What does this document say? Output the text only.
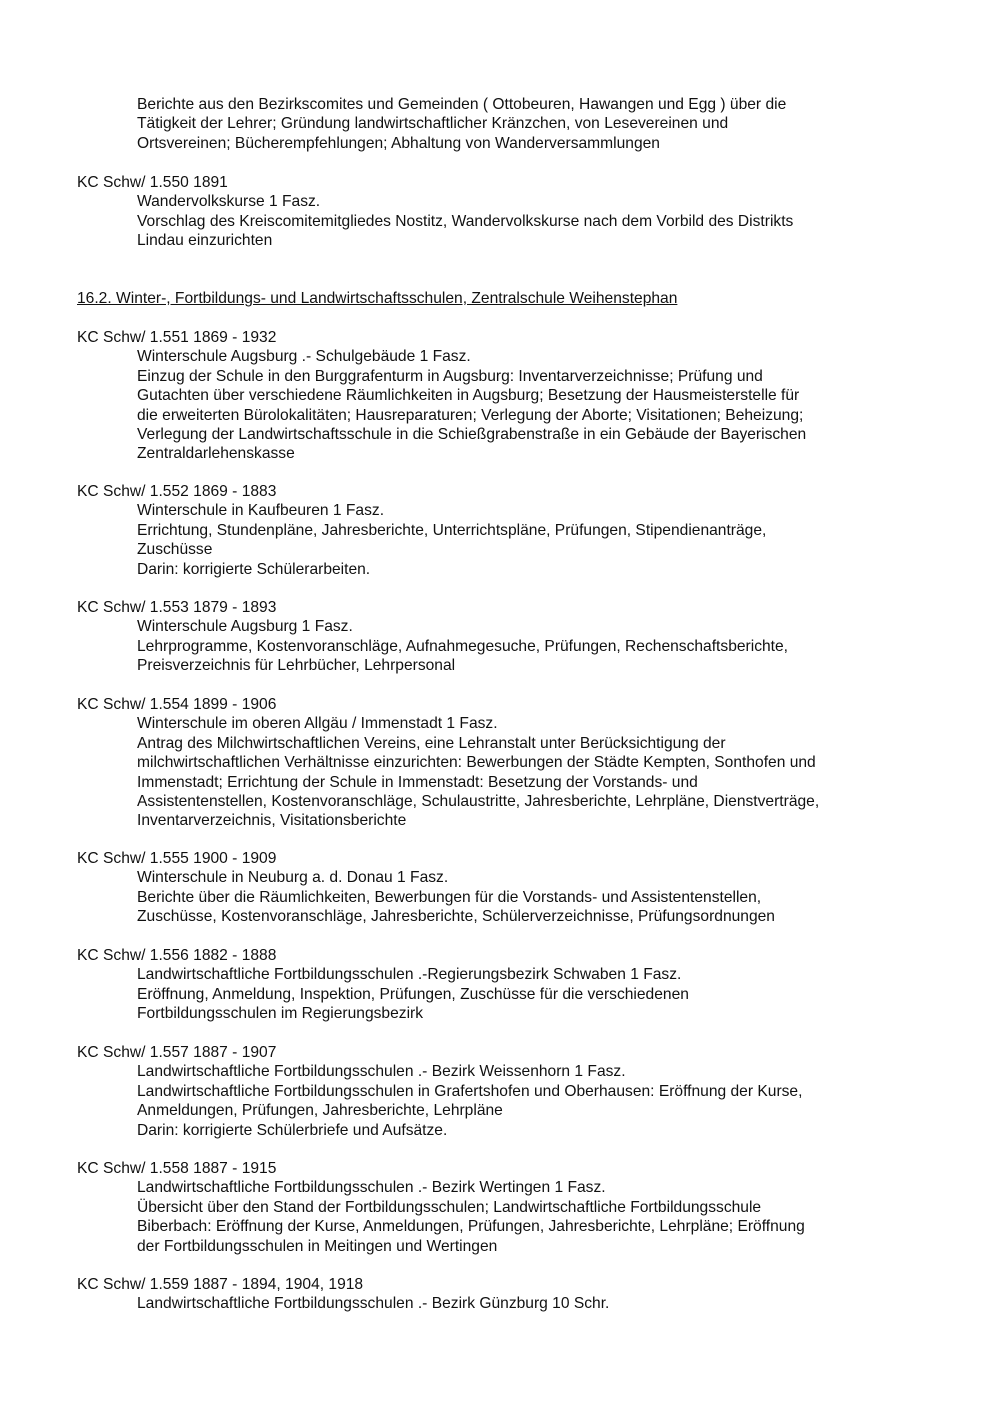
Berichte aus den Bezirkscomites und Gemeinden ( Ottobeuren, Hawangen und Egg ) über die
Tätigkeit der Lehrer; Gründung landwirtschaftlicher Kränzchen, von Lesevereinen und
Ortsvereinen; Bücherempfehlungen; Abhaltung von Wanderversammlungen
KC Schw/ 1.550 1891
Wandervolkskurse 1 Fasz.
Vorschlag des Kreiscomitemitgliedes Nostitz, Wandervolkskurse nach dem Vorbild des Distrikts
Lindau einzurichten
16.2. Winter-, Fortbildungs- und Landwirtschaftsschulen, Zentralschule Weihenstephan
KC Schw/ 1.551 1869 - 1932
Winterschule Augsburg .- Schulgebäude 1 Fasz.
Einzug der Schule in den Burggrafenturm in Augsburg: Inventarverzeichnisse; Prüfung und
Gutachten über verschiedene Räumlichkeiten in Augsburg; Besetzung der Hausmeisterstelle für
die erweiterten Bürolokalitäten; Hausreparaturen; Verlegung der Aborte; Visitationen; Beheizung;
Verlegung der Landwirtschaftsschule in die Schießgrabenstraße in ein Gebäude der Bayerischen
Zentraldarlehenskasse
KC Schw/ 1.552 1869 - 1883
Winterschule in Kaufbeuren 1 Fasz.
Errichtung, Stundenpläne, Jahresberichte, Unterrichtspläne, Prüfungen, Stipendienanträge,
Zuschüsse
Darin: korrigierte Schülerarbeiten.
KC Schw/ 1.553 1879 - 1893
Winterschule Augsburg 1 Fasz.
Lehrprogramme, Kostenvoranschläge, Aufnahmegesuche, Prüfungen, Rechenschaftsberichte,
Preisverzeichnis für Lehrbücher, Lehrpersonal
KC Schw/ 1.554 1899 - 1906
Winterschule im oberen Allgäu / Immenstadt 1 Fasz.
Antrag des Milchwirtschaftlichen Vereins, eine Lehranstalt unter Berücksichtigung der
milchwirtschaftlichen Verhältnisse einzurichten: Bewerbungen der Städte Kempten, Sonthofen und
Immenstadt; Errichtung der Schule in Immenstadt: Besetzung der Vorstands- und
Assistentenstellen, Kostenvoranschläge, Schulaustritte, Jahresberichte, Lehrpläne, Dienstverträge,
Inventarverzeichnis, Visitationsberichte
KC Schw/ 1.555 1900 - 1909
Winterschule in Neuburg a. d. Donau 1 Fasz.
Berichte über die Räumlichkeiten, Bewerbungen für die Vorstands- und Assistentenstellen,
Zuschüsse, Kostenvoranschläge, Jahresberichte, Schülerverzeichnisse, Prüfungsordnungen
KC Schw/ 1.556 1882 - 1888
Landwirtschaftliche Fortbildungsschulen .-Regierungsbezirk Schwaben 1 Fasz.
Eröffnung, Anmeldung, Inspektion, Prüfungen, Zuschüsse für die verschiedenen
Fortbildungsschulen im Regierungsbezirk
KC Schw/ 1.557 1887 - 1907
Landwirtschaftliche Fortbildungsschulen .- Bezirk Weissenhorn 1 Fasz.
Landwirtschaftliche Fortbildungsschulen in Grafertshofen und Oberhausen: Eröffnung der Kurse,
Anmeldungen, Prüfungen, Jahresberichte, Lehrpläne
Darin: korrigierte Schülerbriefe und Aufsätze.
KC Schw/ 1.558 1887 - 1915
Landwirtschaftliche Fortbildungsschulen .- Bezirk Wertingen 1 Fasz.
Übersicht über den Stand der Fortbildungsschulen; Landwirtschaftliche Fortbildungsschule
Biberbach: Eröffnung der Kurse, Anmeldungen, Prüfungen, Jahresberichte, Lehrpläne; Eröffnung
der Fortbildungsschulen in Meitingen und Wertingen
KC Schw/ 1.559 1887 - 1894, 1904, 1918
Landwirtschaftliche Fortbildungsschulen .- Bezirk Günzburg 10 Schr.
